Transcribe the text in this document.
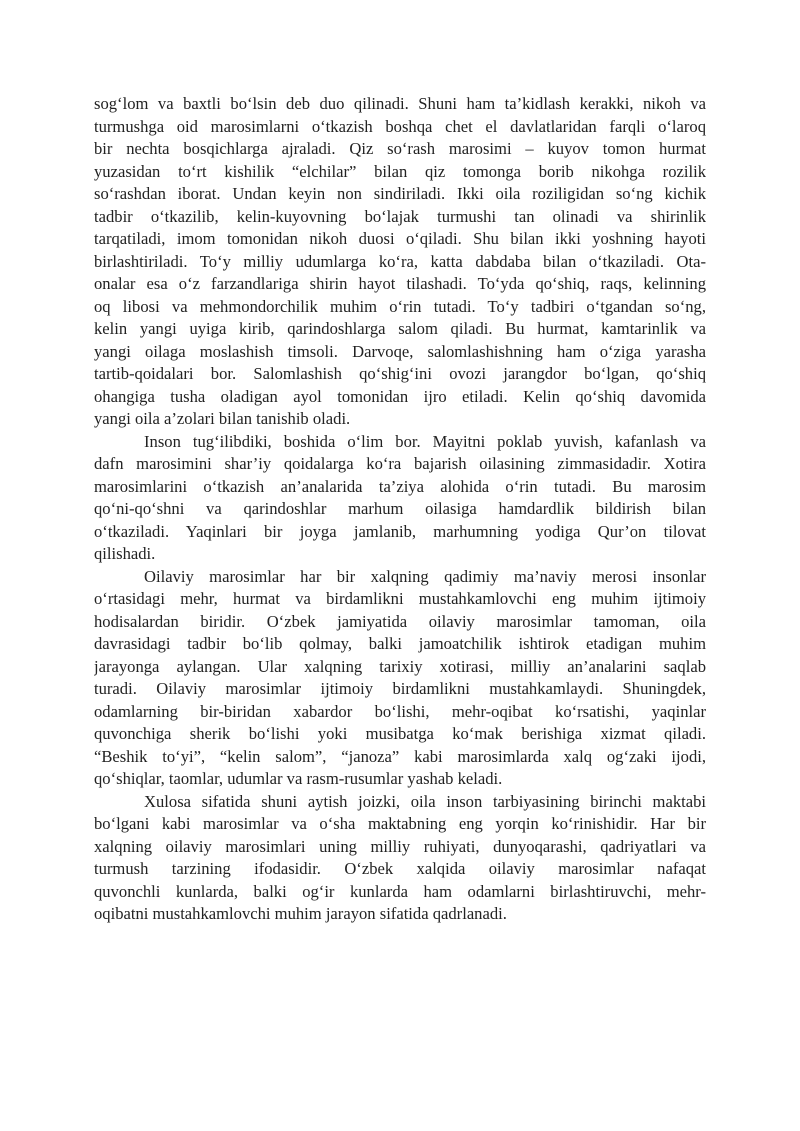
sog‘lom va baxtli bo‘lsin deb duo qilinadi. Shuni ham ta’kidlash kerakki, nikoh va
turmushga oid marosimlarni o‘tkazish boshqa chet el davlatlaridan farqli o‘laroq
bir nechta bosqichlarga ajraladi. Qiz so‘rash marosimi – kuyov tomon hurmat
yuzasidan to‘rt kishilik “elchilar” bilan qiz tomonga borib nikohga rozilik
so‘rashdan iborat. Undan keyin non sindiriladi. Ikki oila roziligidan so‘ng kichik
tadbir o‘tkazilib, kelin-kuyovning bo‘lajak turmushi tan olinadi va shirinlik
tarqatiladi, imom tomonidan nikoh duosi o‘qiladi. Shu bilan ikki yoshning hayoti
birlashtiriladi. To‘y milliy udumlarga ko‘ra, katta dabdaba bilan o‘tkaziladi. Ota-
onalar esa o‘z farzandlariga shirin hayot tilashadi. To‘yda qo‘shiq, raqs, kelinning
oq libosi va mehmondorchilik muhim o‘rin tutadi. To‘y tadbiri o‘tgandan so‘ng,
kelin yangi uyiga kirib, qarindoshlarga salom qiladi. Bu hurmat, kamtarinlik va
yangi oilaga moslashish timsoli. Darvoqe, salomlashishning ham o‘ziga yarasha
tartib-qoidalari bor. Salomlashish qo‘shig‘ini ovozi jarangdor bo‘lgan, qo‘shiq
ohangiga tusha oladigan ayol tomonidan ijro etiladi. Kelin qo‘shiq davomida
yangi oila a’zolari bilan tanishib oladi.
Inson tug‘ilibdiki, boshida o‘lim bor. Mayitni poklab yuvish, kafanlash va
dafn marosimini shar’iy qoidalarga ko‘ra bajarish oilasining zimmasidadir. Xotira
marosimlarini o‘tkazish an’analarida ta’ziya alohida o‘rin tutadi. Bu marosim
qo‘ni-qo‘shni va qarindoshlar marhum oilasiga hamdardlik bildirish bilan
o‘tkaziladi. Yaqinlari bir joyga jamlanib, marhumning yodiga Qur’on tilovat
qilishadi.
Oilaviy marosimlar har bir xalqning qadimiy ma’naviy merosi insonlar
o‘rtasidagi mehr, hurmat va birdamlikni mustahkamlovchi eng muhim ijtimoiy
hodisalardan biridir. O‘zbek jamiyatida oilaviy marosimlar tamoman, oila
davrasidagi tadbir bo‘lib qolmay, balki jamoatchilik ishtirok etadigan muhim
jarayonga aylangan. Ular xalqning tarixiy xotirasi, milliy an’analarini saqlab
turadi. Oilaviy marosimlar ijtimoiy birdamlikni mustahkamlaydi. Shuningdek,
odamlarning bir-biridan xabardor bo‘lishi, mehr-oqibat ko‘rsatishi, yaqinlar
quvonchiga sherik bo‘lishi yoki musibatga ko‘mak berishiga xizmat qiladi.
“Beshik to‘yi”, “kelin salom”, “janoza” kabi marosimlarda xalq og‘zaki ijodi,
qo‘shiqlar, taomlar, udumlar va rasm-rusumlar yashab keladi.
Xulosa sifatida shuni aytish joizki, oila inson tarbiyasining birinchi maktabi
bo‘lgani kabi marosimlar va o‘sha maktabning eng yorqin ko‘rinishidir. Har bir
xalqning oilaviy marosimlari uning milliy ruhiyati, dunyoqarashi, qadriyatlari va
turmush tarzining ifodasidir. O‘zbek xalqida oilaviy marosimlar nafaqat
quvonchli kunlarda, balki og‘ir kunlarda ham odamlarni birlashtiruvchi, mehr-
oqibatni mustahkamlovchi muhim jarayon sifatida qadrlanadi.
